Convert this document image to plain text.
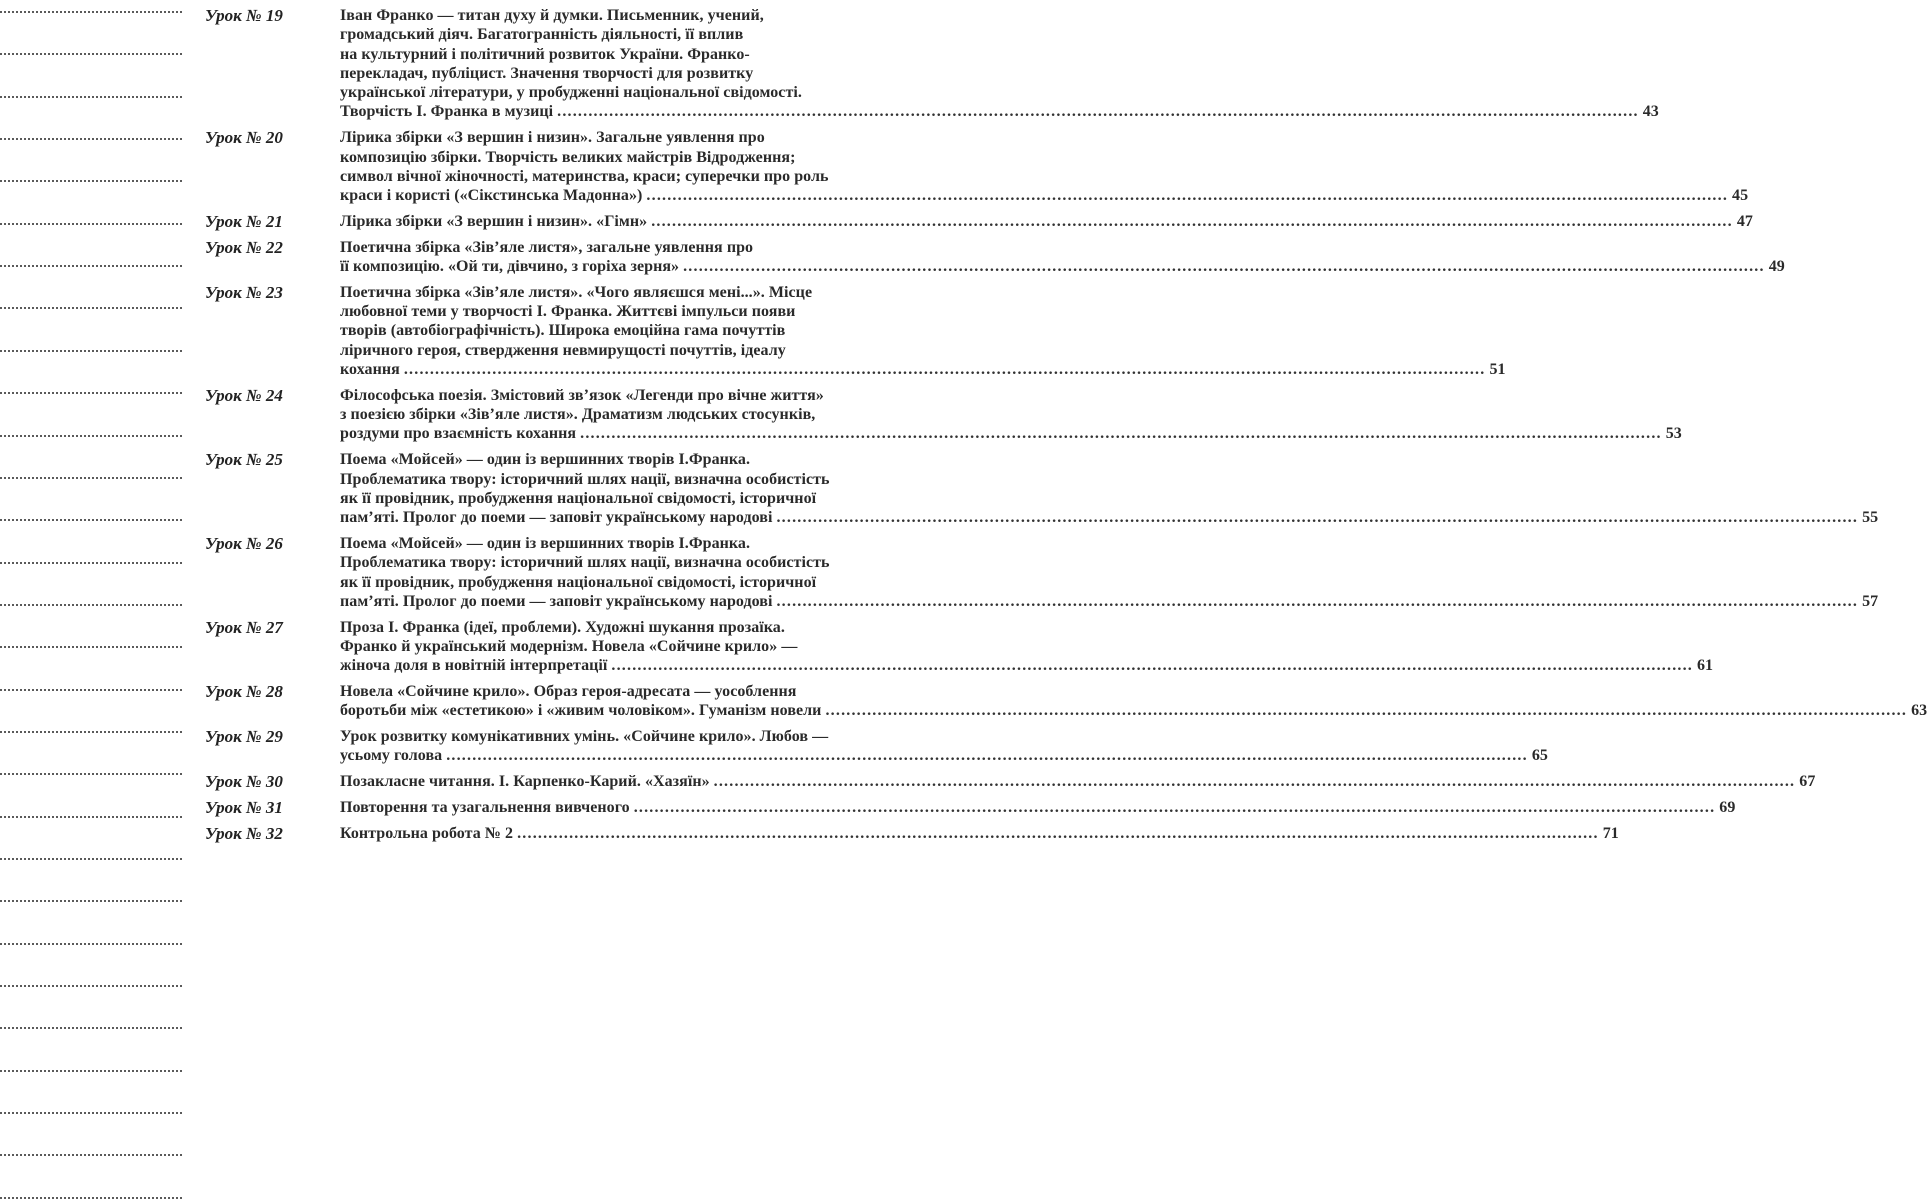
Урок № 19	Іван Франко — титан духу й думки. Письменник, учений,
громадський діяч. Багатогранність діяльності, її вплив
на культурний і політичний розвиток України. Франко-
перекладач, публіцист. Значення творчості для розвитку
української літератури, у пробудженні національної свідомості.
Творчість І. Франка в музиці .....	43
Урок № 20	Лірика збірки «З вершин і низин». Загальне уявлення про
композицію збірки. Творчість великих майстрів Відродження;
символ вічної жіночності, материнства, краси; суперечки про роль
краси і користі («Сікстинська Мадонна») .....	45
Урок № 21	Лірика збірки «З вершин і низин». «Гімн» .....	47
Урок № 22	Поетична збірка «Зів’яле листя», загальне уявлення про
її композицію. «Ой ти, дівчино, з горіха зерня» .....	49
Урок № 23	Поетична збірка «Зів’яле листя». «Чого являєшся мені...». Місце
любовної теми у творчості І. Франка. Життєві імпульси появи
творів (автобіографічність). Широка емоційна гама почуттів
ліричного героя, ствердження невмирущості почуттів, ідеалу
кохання .....	51
Урок № 24	Філософська поезія. Змістовий зв’язок «Легенди про вічне життя»
з поезією збірки «Зів’яле листя». Драматизм людських стосунків,
роздуми про взаємність кохання .....	53
Урок № 25	Поема «Мойсей» — один із вершинних творів І.Франка.
Проблематика твору: історичний шлях нації, визначна особистість
як її провідник, пробудження національної свідомості, історичної
пам’яті. Пролог до поеми — заповіт українському народові .....	55
Урок № 26	Поема «Мойсей» — один із вершинних творів І.Франка.
Проблематика твору: історичний шлях нації, визначна особистість
як її провідник, пробудження національної свідомості, історичної
пам’яті. Пролог до поеми — заповіт українському народові .....	57
Урок № 27	Проза І. Франка (ідеї, проблеми). Художні шукання прозаїка.
Франко й український модернізм. Новела «Сойчине крило» —
жіноча доля в новітній інтерпретації .....	61
Урок № 28	Новела «Сойчине крило». Образ героя-адресата — уособлення
боротьби між «естетикою» і «живим чоловіком». Гуманізм новели .....	63
Урок № 29	Урок розвитку комунікативних умінь. «Сойчине крило». Любов —
усьому голова .....	65
Урок № 30	Позакласне читання. І. Карпенко-Карий. «Хазяїн» .....	67
Урок № 31	Повторення та узагальнення вивченого .....	69
Урок № 32	Контрольна робота № 2 .....	71
